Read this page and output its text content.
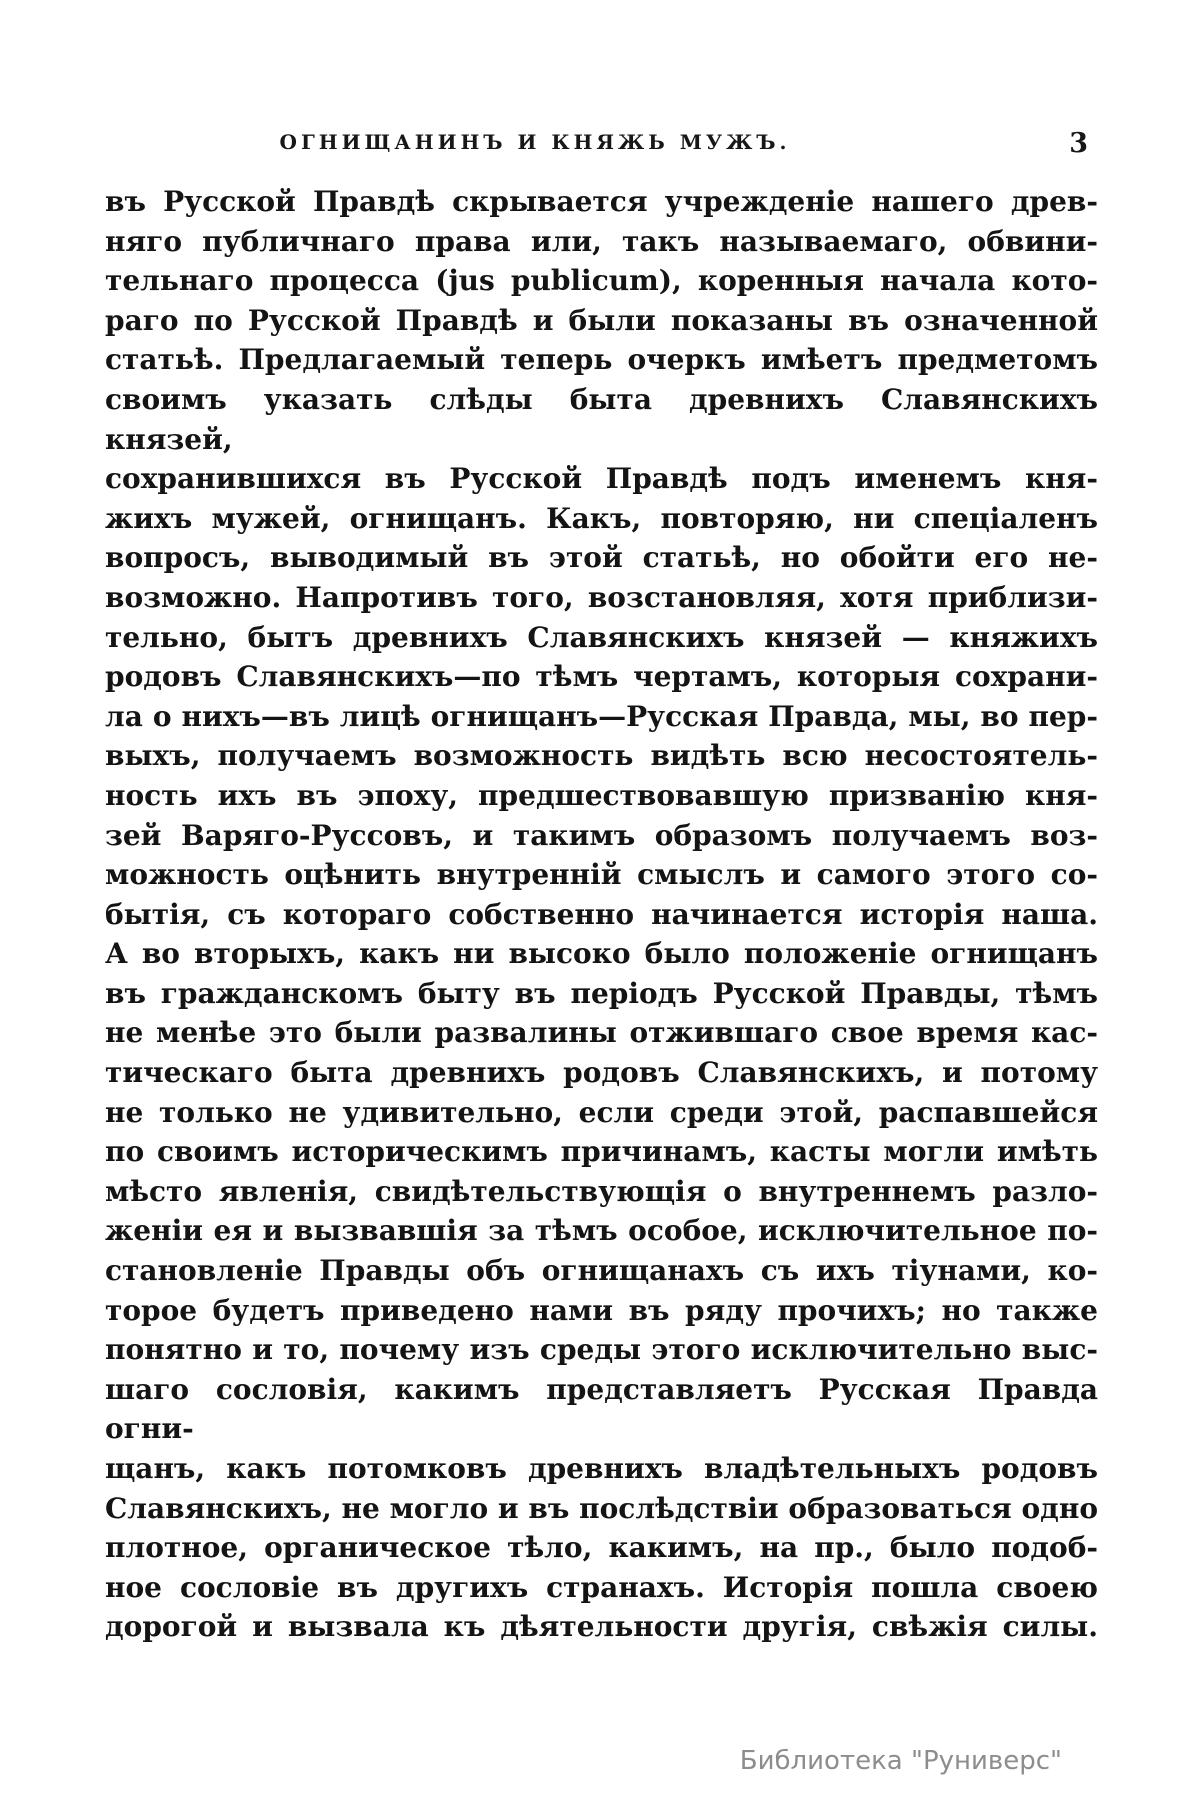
ОГНИЩАНИНЪ И КНЯЖЬ МУЖЪ.	3
въ Русской Правдѣ скрывается учрежденіе нашего древ-
няго публичнаго права или, такъ называемаго, обвини-
тельнаго процесса (jus publicum), коренныя начала кото-
раго по Русской Правдѣ и были показаны въ означенной
статьѣ. Предлагаемый теперь очеркъ имѣетъ предметомъ
своимъ указать слѣды быта древнихъ Славянскихъ князей,
сохранившихся въ Русской Правдѣ подъ именемъ кня-
жихъ мужей, огнищанъ. Какъ, повторяю, ни спеціаленъ
вопросъ, выводимый въ этой статьѣ, но обойти его не-
возможно. Напротивъ того, возстановляя, хотя приблизи-
тельно, бытъ древнихъ Славянскихъ князей — княжихъ
родовъ Славянскихъ—по тѣмъ чертамъ, которыя сохрани-
ла о нихъ—въ лицѣ огнищанъ—Русская Правда, мы, во пер-
выхъ, получаемъ возможность видѣть всю несостоятель-
ность ихъ въ эпоху, предшествовавшую призванію кня-
зей Варяго-Руссовъ, и такимъ образомъ получаемъ воз-
можность оцѣнить внутренній смыслъ и самого этого со-
бытія, съ котораго собственно начинается исторія наша.
А во вторыхъ, какъ ни высоко было положеніе огнищанъ
въ гражданскомъ быту въ періодъ Русской Правды, тѣмъ
не менѣе это были развалины отжившаго свое время кас-
тическаго быта древнихъ родовъ Славянскихъ, и потому
не только не удивительно, если среди этой, распавшейся
по своимъ историческимъ причинамъ, касты могли имѣть
мѣсто явленія, свидѣтельствующія о внутреннемъ разло-
женіи ея и вызвавшія за тѣмъ особое, исключительное по-
становленіе Правды объ огнищанахъ съ ихъ тіунами, ко-
торое будетъ приведено нами въ ряду прочихъ; но также
понятно и то, почему изъ среды этого исключительно выс-
шаго сословія, какимъ представляетъ Русская Правда огни-
щанъ, какъ потомковъ древнихъ владѣтельныхъ родовъ
Славянскихъ, не могло и въ послѣдствіи образоваться одно
плотное, органическое тѣло, какимъ, на пр., было подоб-
ное сословіе въ другихъ странахъ. Исторія пошла своею
дорогой и вызвала къ дѣятельности другія, свѣжія силы.
Библиотека "Руниверс"
